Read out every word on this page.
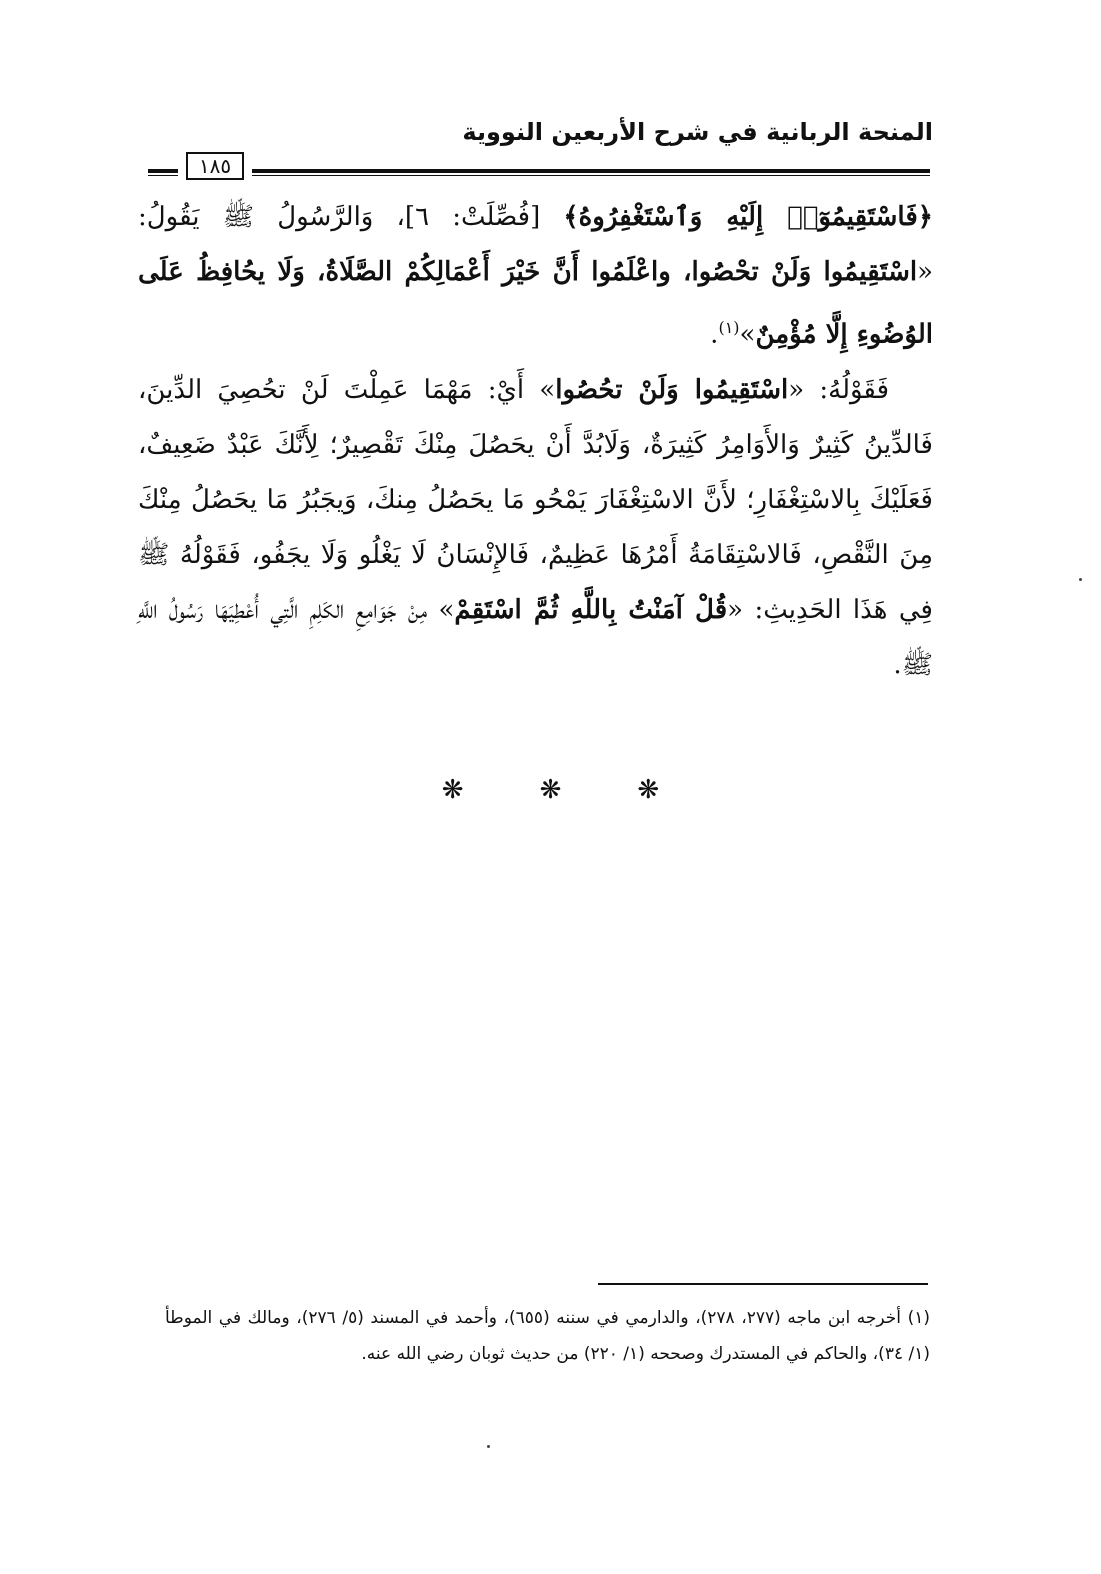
المنحة الربانية في شرح الأربعين النووية
١٨٥

﴿فَاسْتَقِيمُوٓا۟ إِلَيْهِ وَٱسْتَغْفِرُوهُ﴾ [فُصِّلَتْ: ٦]، وَالرَّسُولُ ﷺ يَقُولُ: «اسْتَقِيمُوا وَلَنْ تحْصُوا، واعْلَمُوا أَنَّ خَيْرَ أَعْمَالِكُمْ الصَّلَاةُ، وَلَا يحُافِظُ عَلَى الوُضُوءِ إِلَّا مُؤْمِنٌ»$^{(١)}$.

فَقَوْلُهُ: «اسْتَقِيمُوا وَلَنْ تحُصُوا» أَيْ: مَهْمَا عَمِلْتَ لَنْ تحُصِيَ الدِّينَ، فَالدِّينُ كَثِيرٌ وَالأَوَامِرُ كَثِيرَةٌ، وَلَابُدَّ أَنْ يحَصُلَ مِنْكَ تَقْصِيرٌ؛ لِأَنَّكَ عَبْدٌ ضَعِيفٌ، فَعَلَيْكَ بِالاسْتِغْفَارِ؛ لأَنَّ الاسْتِغْفَارَ يَمْحُو مَا يحَصُلُ مِنكَ، وَيجَبُرُ مَا يحَصُلُ مِنْكَ مِنَ النَّقْصِ، فَالاسْتِقَامَةُ أَمْرُهَا عَظِيمٌ، فَالإِنْسَانُ لَا يَغْلُو وَلَا يجَفُو، فَقَوْلُهُ ﷺ فِي هَذَا الحَدِيثِ: «قُلْ آمَنْتُ بِاللَّهِ ثُمَّ اسْتَقِمْ» مِنْ جَوَامِعِ الكَلِمِ الَّتِي أُعْطِيَهَا رَسُولُ اللَّهِ ﷺ.

❋❋❋

(١) أخرجه ابن ماجه (٢٧٧، ٢٧٨)، والدارمي في سننه (٦٥٥)، وأحمد في المسند (٥/ ٢٧٦)، ومالك في الموطأ (١/ ٣٤)، والحاكم في المستدرك وصححه (١/ ٢٢٠) من حديث ثوبان رضي الله عنه.
